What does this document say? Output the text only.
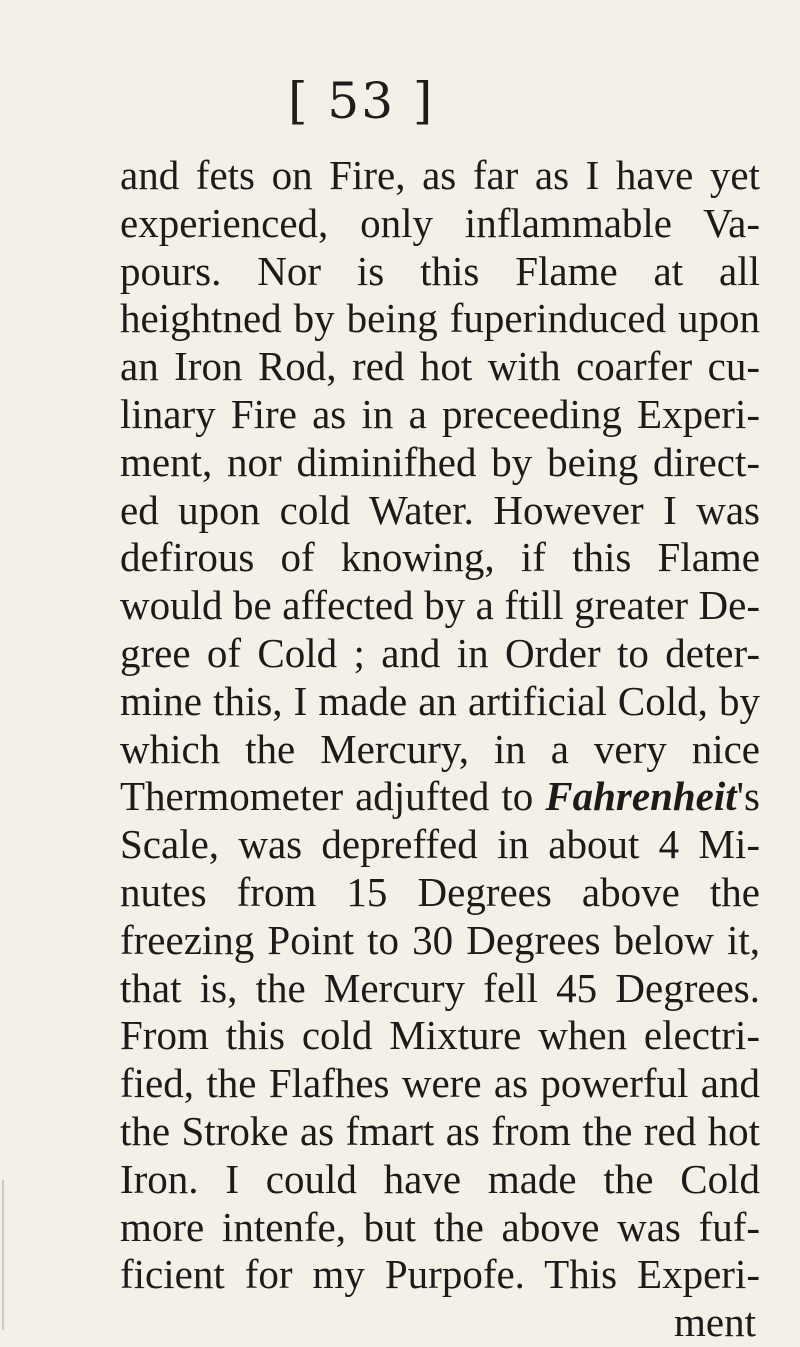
[ 53 ]
and fets on Fire, as far as I have yet
experienced, only inflammable Va-
pours. Nor is this Flame at all
heightned by being fuperinduced upon
an Iron Rod, red hot with coarfer cu-
linary Fire as in a preceeding Experi-
ment, nor diminifhed by being direct-
ed upon cold Water. However I was
defirous of knowing, if this Flame
would be affected by a ftill greater De-
gree of Cold ; and in Order to deter-
mine this, I made an artificial Cold, by
which the Mercury, in a very nice
Thermometer adjufted to Fahrenheit's
Scale, was depreffed in about 4 Mi-
nutes from 15 Degrees above the
freezing Point to 30 Degrees below it,
that is, the Mercury fell 45 Degrees.
From this cold Mixture when electri-
fied, the Flafhes were as powerful and
the Stroke as fmart as from the red hot
Iron. I could have made the Cold
more intenfe, but the above was fuf-
ficient for my Purpofe. This Experi-
ment
